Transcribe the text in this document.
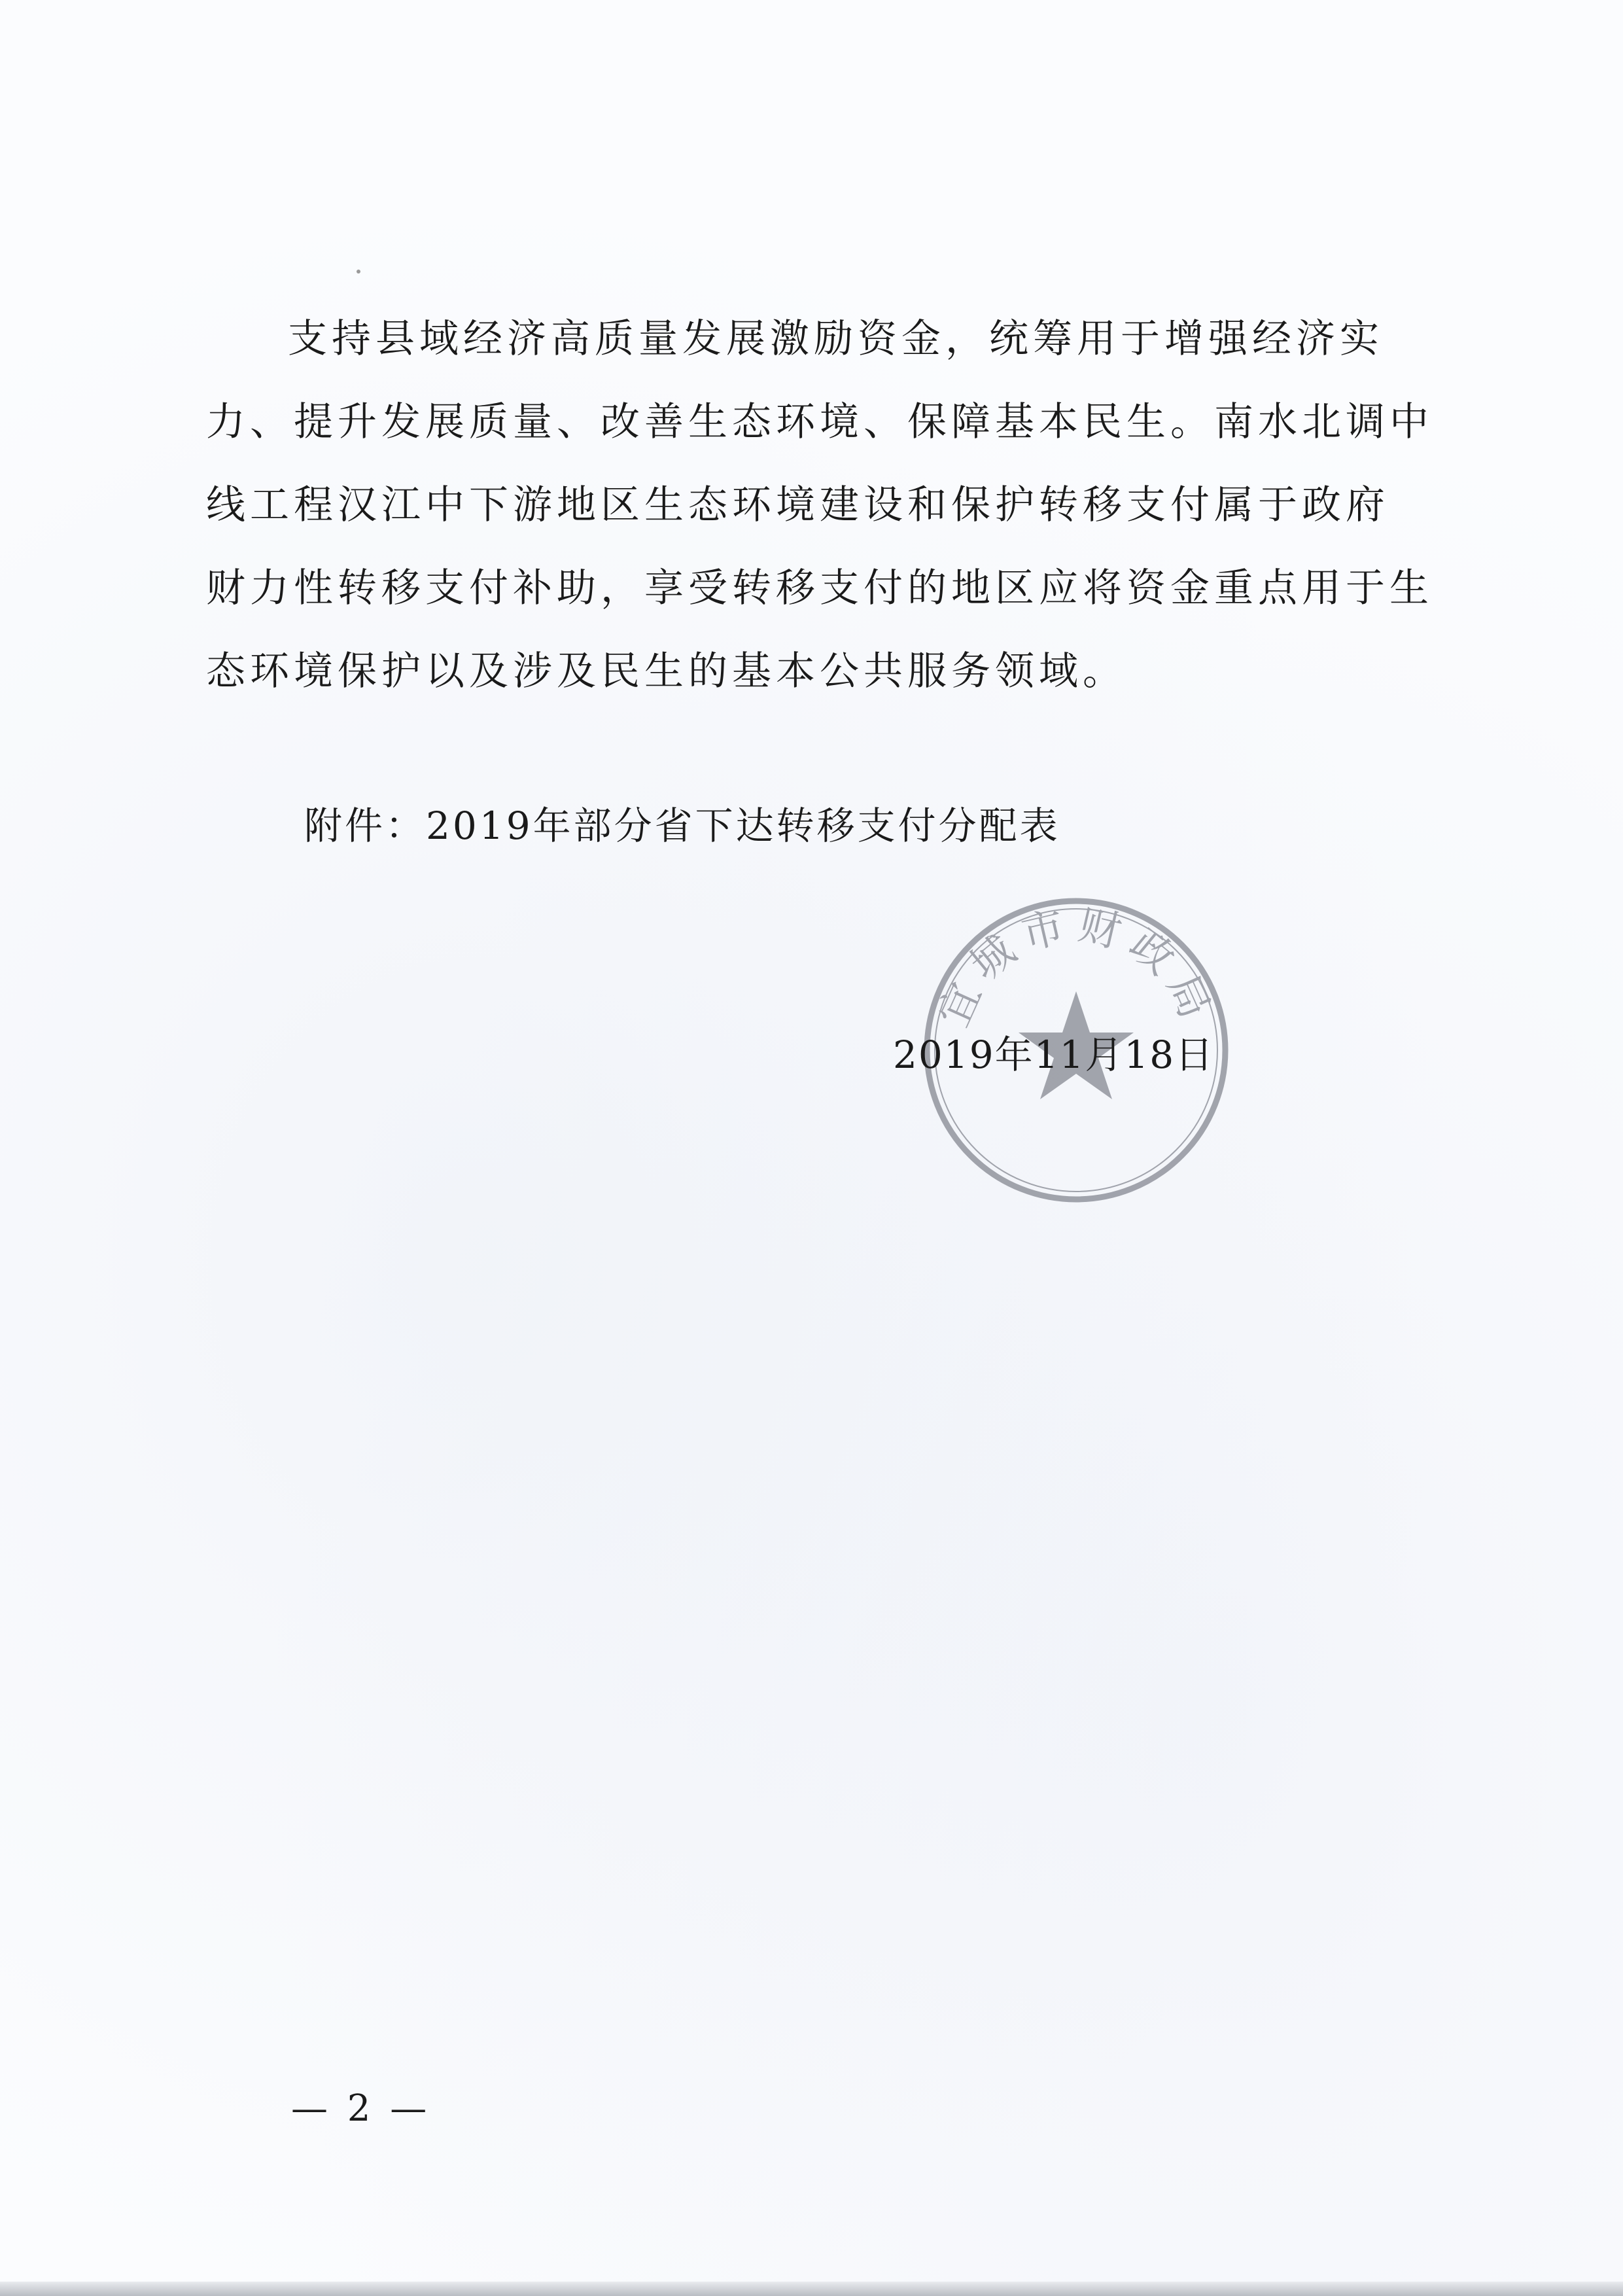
支持县域经济高质量发展激励资金，统筹用于增强经济实
力、提升发展质量、改善生态环境、保障基本民生。南水北调中
线工程汉江中下游地区生态环境建设和保护转移支付属于政府
财力性转移支付补助，享受转移支付的地区应将资金重点用于生
态环境保护以及涉及民生的基本公共服务领域。
附件：2019年部分省下达转移支付分配表
宜城市财政局
2019年11月18日
— 2 —
